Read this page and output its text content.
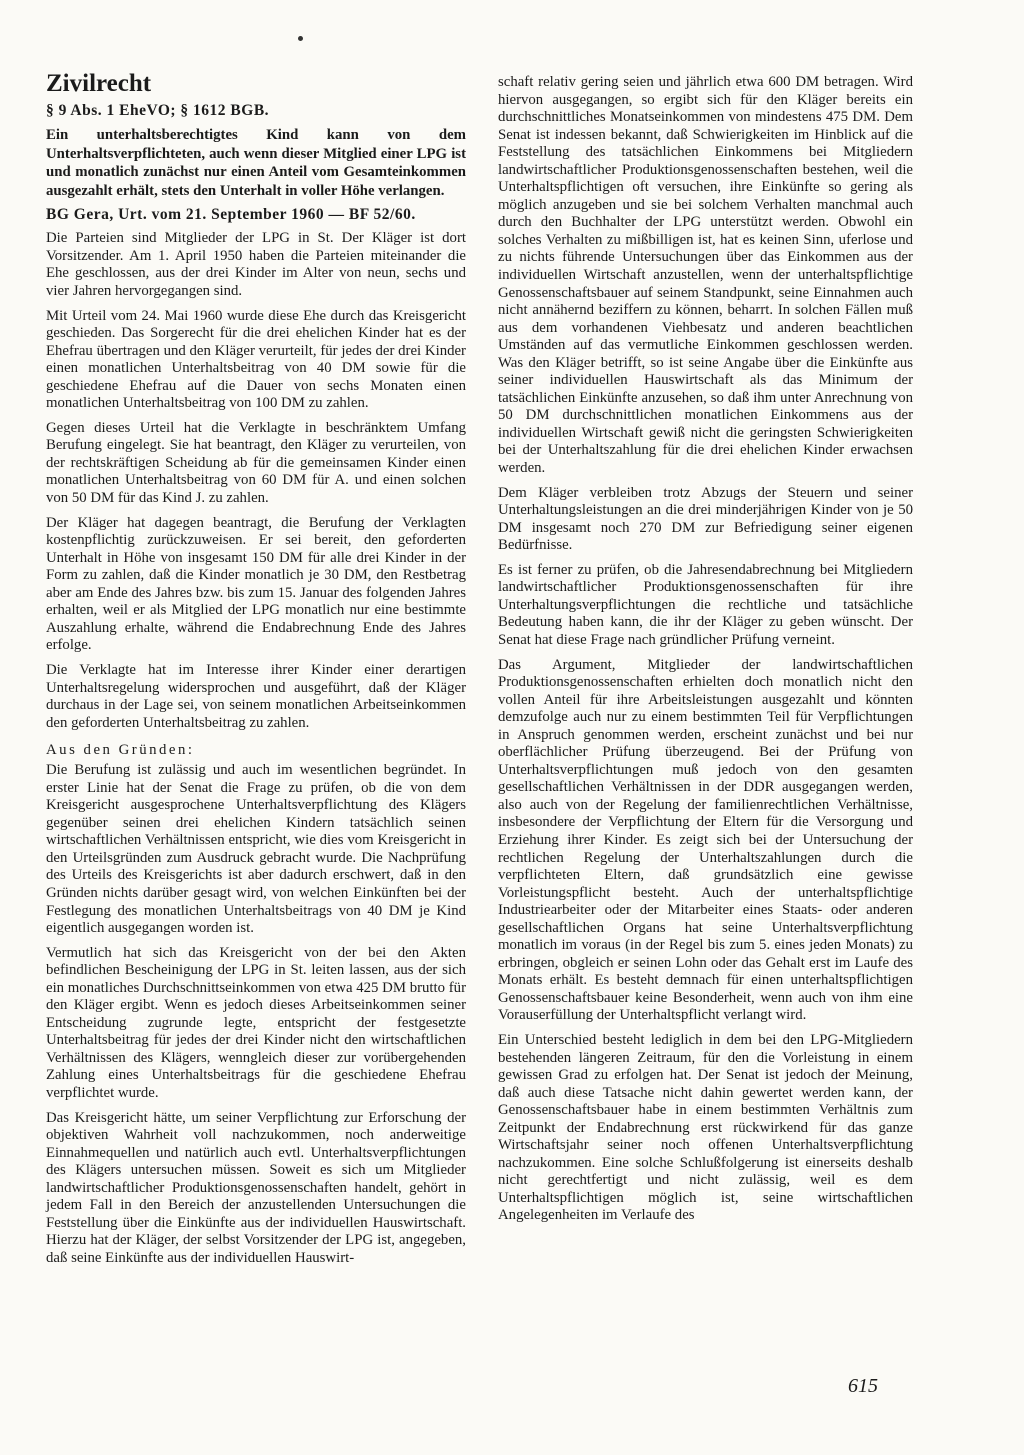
Zivilrecht
§ 9 Abs. 1 EheVO; § 1612 BGB.
Ein unterhaltsberechtigtes Kind kann von dem Unterhaltsverpflichteten, auch wenn dieser Mitglied einer LPG ist und monatlich zunächst nur einen Anteil vom Gesamteinkommen ausgezahlt erhält, stets den Unterhalt in voller Höhe verlangen.
BG Gera, Urt. vom 21. September 1960 — BF 52/60.

Die Parteien sind Mitglieder der LPG in St. Der Kläger ist dort Vorsitzender. Am 1. April 1950 haben die Parteien miteinander die Ehe geschlossen, aus der drei Kinder im Alter von neun, sechs und vier Jahren hervorgegangen sind.

Mit Urteil vom 24. Mai 1960 wurde diese Ehe durch das Kreisgericht geschieden. Das Sorgerecht für die drei ehelichen Kinder hat es der Ehefrau übertragen und den Kläger verurteilt, für jedes der drei Kinder einen monatlichen Unterhaltsbeitrag von 40 DM sowie für die geschiedene Ehefrau auf die Dauer von sechs Monaten einen monatlichen Unterhaltsbeitrag von 100 DM zu zahlen.

Gegen dieses Urteil hat die Verklagte in beschränktem Umfang Berufung eingelegt. Sie hat beantragt, den Kläger zu verurteilen, von der rechtskräftigen Scheidung ab für die gemeinsamen Kinder einen monatlichen Unterhaltsbeitrag von 60 DM für A. und einen solchen von 50 DM für das Kind J. zu zahlen.

Der Kläger hat dagegen beantragt, die Berufung der Verklagten kostenpflichtig zurückzuweisen. Er sei bereit, den geforderten Unterhalt in Höhe von insgesamt 150 DM für alle drei Kinder in der Form zu zahlen, daß die Kinder monatlich je 30 DM, den Restbetrag aber am Ende des Jahres bzw. bis zum 15. Januar des folgenden Jahres erhalten, weil er als Mitglied der LPG monatlich nur eine bestimmte Auszahlung erhalte, während die Endabrechnung Ende des Jahres erfolge.

Die Verklagte hat im Interesse ihrer Kinder einer derartigen Unterhaltsregelung widersprochen und ausgeführt, daß der Kläger durchaus in der Lage sei, von seinem monatlichen Arbeitseinkommen den geforderten Unterhaltsbeitrag zu zahlen.

Aus den Gründen:

Die Berufung ist zulässig und auch im wesentlichen begründet. In erster Linie hat der Senat die Frage zu prüfen, ob die von dem Kreisgericht ausgesprochene Unterhaltsverpflichtung des Klägers gegenüber seinen drei ehelichen Kindern tatsächlich seinen wirtschaftlichen Verhältnissen entspricht, wie dies vom Kreisgericht in den Urteilsgründen zum Ausdruck gebracht wurde. Die Nachprüfung des Urteils des Kreisgerichts ist aber dadurch erschwert, daß in den Gründen nichts darüber gesagt wird, von welchen Einkünften bei der Festlegung des monatlichen Unterhaltsbeitrags von 40 DM je Kind eigentlich ausgegangen worden ist.

Vermutlich hat sich das Kreisgericht von der bei den Akten befindlichen Bescheinigung der LPG in St. leiten lassen, aus der sich ein monatliches Durchschnittseinkommen von etwa 425 DM brutto für den Kläger ergibt. Wenn es jedoch dieses Arbeitseinkommen seiner Entscheidung zugrunde legte, entspricht der festgesetzte Unterhaltsbeitrag für jedes der drei Kinder nicht den wirtschaftlichen Verhältnissen des Klägers, wenngleich dieser zur vorübergehenden Zahlung eines Unterhaltsbeitrags für die geschiedene Ehefrau verpflichtet wurde.

Das Kreisgericht hätte, um seiner Verpflichtung zur Erforschung der objektiven Wahrheit voll nachzukommen, noch anderweitige Einnahmequellen und natürlich auch evtl. Unterhaltsverpflichtungen des Klägers untersuchen müssen. Soweit es sich um Mitglieder landwirtschaftlicher Produktionsgenossenschaften handelt, gehört in jedem Fall in den Bereich der anzustellenden Untersuchungen die Feststellung über die Einkünfte aus der individuellen Hauswirtschaft. Hierzu hat der Kläger, der selbst Vorsitzender der LPG ist, angegeben, daß seine Einkünfte aus der individuellen Hauswirt-

schaft relativ gering seien und jährlich etwa 600 DM betragen. Wird hiervon ausgegangen, so ergibt sich für den Kläger bereits ein durchschnittliches Monatseinkommen von mindestens 475 DM. Dem Senat ist indessen bekannt, daß Schwierigkeiten im Hinblick auf die Feststellung des tatsächlichen Einkommens bei Mitgliedern landwirtschaftlicher Produktionsgenossenschaften bestehen, weil die Unterhaltspflichtigen oft versuchen, ihre Einkünfte so gering als möglich anzugeben und sie bei solchem Verhalten manchmal auch durch den Buchhalter der LPG unterstützt werden. Obwohl ein solches Verhalten zu mißbilligen ist, hat es keinen Sinn, uferlose und zu nichts führende Untersuchungen über das Einkommen aus der individuellen Wirtschaft anzustellen, wenn der unterhaltspflichtige Genossenschaftsbauer auf seinem Standpunkt, seine Einnahmen auch nicht annähernd beziffern zu können, beharrt. In solchen Fällen muß aus dem vorhandenen Viehbesatz und anderen beachtlichen Umständen auf das vermutliche Einkommen geschlossen werden. Was den Kläger betrifft, so ist seine Angabe über die Einkünfte aus seiner individuellen Hauswirtschaft als das Minimum der tatsächlichen Einkünfte anzusehen, so daß ihm unter Anrechnung von 50 DM durchschnittlichen monatlichen Einkommens aus der individuellen Wirtschaft gewiß nicht die geringsten Schwierigkeiten bei der Unterhaltszahlung für die drei ehelichen Kinder erwachsen werden.

Dem Kläger verbleiben trotz Abzugs der Steuern und seiner Unterhaltungsleistungen an die drei minderjährigen Kinder von je 50 DM insgesamt noch 270 DM zur Befriedigung seiner eigenen Bedürfnisse.

Es ist ferner zu prüfen, ob die Jahresendabrechnung bei Mitgliedern landwirtschaftlicher Produktionsgenossenschaften für ihre Unterhaltungsverpflichtungen die rechtliche und tatsächliche Bedeutung haben kann, die ihr der Kläger zu geben wünscht. Der Senat hat diese Frage nach gründlicher Prüfung verneint.

Das Argument, Mitglieder der landwirtschaftlichen Produktionsgenossenschaften erhielten doch monatlich nicht den vollen Anteil für ihre Arbeitsleistungen ausgezahlt und könnten demzufolge auch nur zu einem bestimmten Teil für Verpflichtungen in Anspruch genommen werden, erscheint zunächst und bei nur oberflächlicher Prüfung überzeugend. Bei der Prüfung von Unterhaltsverpflichtungen muß jedoch von den gesamten gesellschaftlichen Verhältnissen in der DDR ausgegangen werden, also auch von der Regelung der familienrechtlichen Verhältnisse, insbesondere der Verpflichtung der Eltern für die Versorgung und Erziehung ihrer Kinder. Es zeigt sich bei der Untersuchung der rechtlichen Regelung der Unterhaltszahlungen durch die verpflichteten Eltern, daß grundsätzlich eine gewisse Vorleistungspflicht besteht. Auch der unterhaltspflichtige Industriearbeiter oder der Mitarbeiter eines Staats- oder anderen gesellschaftlichen Organs hat seine Unterhaltsverpflichtung monatlich im voraus (in der Regel bis zum 5. eines jeden Monats) zu erbringen, obgleich er seinen Lohn oder das Gehalt erst im Laufe des Monats erhält. Es besteht demnach für einen unterhaltspflichtigen Genossenschaftsbauer keine Besonderheit, wenn auch von ihm eine Vorauserfüllung der Unterhaltspflicht verlangt wird.

Ein Unterschied besteht lediglich in dem bei den LPG-Mitgliedern bestehenden längeren Zeitraum, für den die Vorleistung in einem gewissen Grad zu erfolgen hat. Der Senat ist jedoch der Meinung, daß auch diese Tatsache nicht dahin gewertet werden kann, der Genossenschaftsbauer habe in einem bestimmten Verhältnis zum Zeitpunkt der Endabrechnung erst rückwirkend für das ganze Wirtschaftsjahr seiner noch offenen Unterhaltsverpflichtung nachzukommen. Eine solche Schlußfolgerung ist einerseits deshalb nicht gerechtfertigt und nicht zulässig, weil es dem Unterhaltspflichtigen möglich ist, seine wirtschaftlichen Angelegenheiten im Verlaufe des

615
